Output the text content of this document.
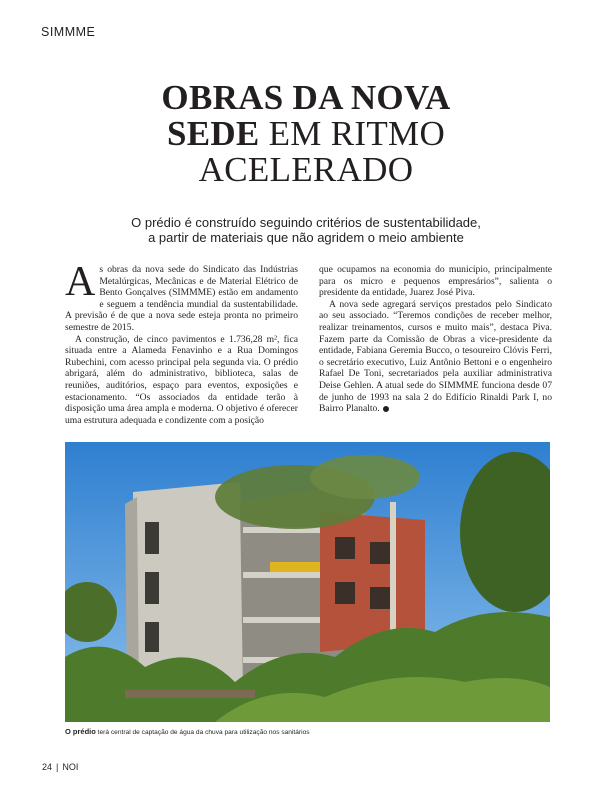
SIMMME
OBRAS DA NOVA
SEDE EM RITMO
ACELERADO

O prédio é construído seguindo critérios de sustentabilidade,
a partir de materiais que não agridem o meio ambiente

As obras da nova sede do Sindicato das Indústrias Metalúrgicas, Mecânicas e de Material Elétrico de Bento Gonçalves (SIMMME) estão em andamento e seguem a tendência mundial da sustentabilidade. A previsão é de que a nova sede esteja pronta no primeiro semestre de 2015.

A construção, de cinco pavimentos e 1.736,28 m², fica situada entre a Alameda Fenavinho e a Rua Domingos Rubechini, com acesso principal pela segunda via. O prédio abrigará, além do administrativo, biblioteca, salas de reuniões, auditórios, espaço para eventos, exposições e estacionamento. “Os associados da entidade terão à disposição uma área ampla e moderna. O objetivo é oferecer uma estrutura adequada e condizente com a posição

que ocupamos na economia do município, principalmente para os micro e pequenos empresários”, salienta o presidente da entidade, Juarez José Piva.

A nova sede agregará serviços prestados pelo Sindicato ao seu associado. “Teremos condições de receber melhor, realizar treinamentos, cursos e muito mais”, destaca Piva. Fazem parte da Comissão de Obras a vice-presidente da entidade, Fabiana Geremia Bucco, o tesoureiro Clóvis Ferri, o secretário executivo, Luiz Antônio Bettoni e o engenheiro Rafael De Toni, secretariados pela auxiliar administrativa Deise Gehlen. A atual sede do SIMMME funciona desde 07 de junho de 1993 na sala 2 do Edifício Rinaldi Park I, no Bairro Planalto.

O prédio terá central de captação de água da chuva para utilização nos sanitários
24 | NOI
